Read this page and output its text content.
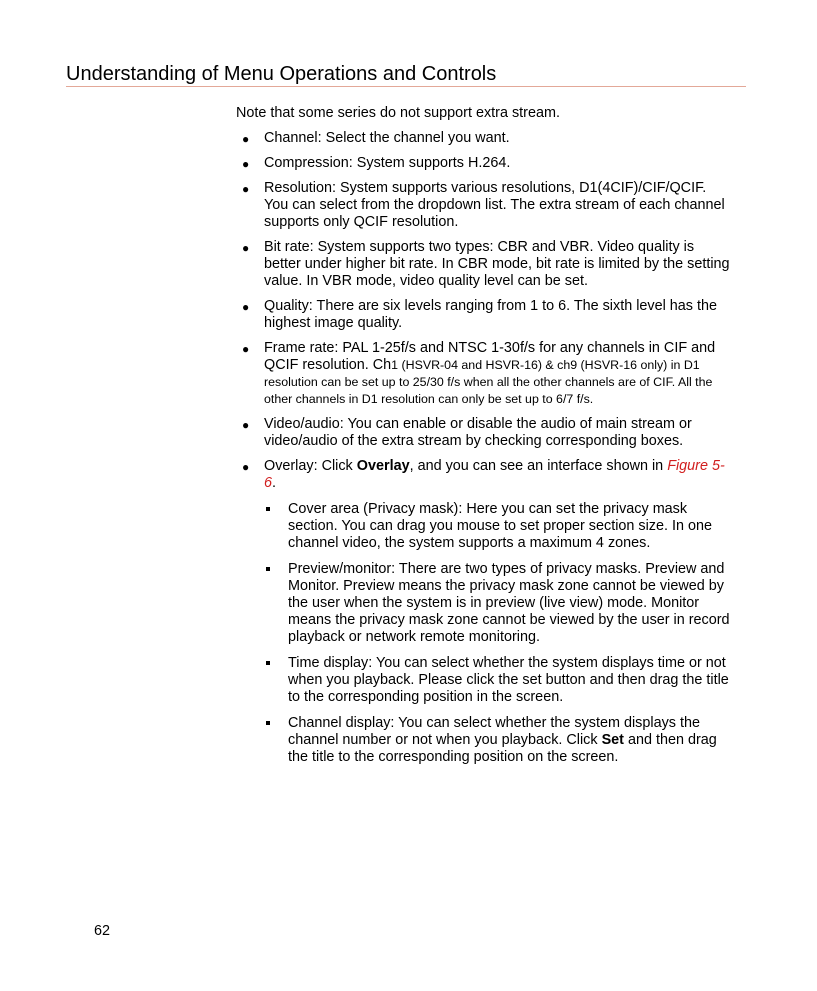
Understanding of Menu Operations and Controls

Note that some series do not support extra stream.

● Channel: Select the channel you want.
● Compression: System supports H.264.
● Resolution: System supports various resolutions, D1(4CIF)/CIF/QCIF. You can select from the dropdown list. The extra stream of each channel supports only QCIF resolution.
● Bit rate: System supports two types: CBR and VBR. Video quality is better under higher bit rate. In CBR mode, bit rate is limited by the setting value. In VBR mode, video quality level can be set.
● Quality: There are six levels ranging from 1 to 6. The sixth level has the highest image quality.
● Frame rate: PAL 1-25f/s and NTSC 1-30f/s for any channels in CIF and QCIF resolution. Ch1 (HSVR-04 and HSVR-16) & ch9 (HSVR-16 only) in D1 resolution can be set up to 25/30 f/s when all the other channels are of CIF. All the other channels in D1 resolution can only be set up to 6/7 f/s.
● Video/audio: You can enable or disable the audio of main stream or video/audio of the extra stream by checking corresponding boxes.
● Overlay: Click Overlay, and you can see an interface shown in Figure 5-6.
Cover area (Privacy mask): Here you can set the privacy mask section. You can drag you mouse to set proper section size. In one channel video, the system supports a maximum 4 zones.
Preview/monitor: There are two types of privacy masks. Preview and Monitor. Preview means the privacy mask zone cannot be viewed by the user when the system is in preview (live view) mode. Monitor means the privacy mask zone cannot be viewed by the user in record playback or network remote monitoring.
Time display: You can select whether the system displays time or not when you playback. Please click the set button and then drag the title to the corresponding position in the screen.
Channel display: You can select whether the system displays the channel number or not when you playback. Click Set and then drag the title to the corresponding position on the screen.
62
